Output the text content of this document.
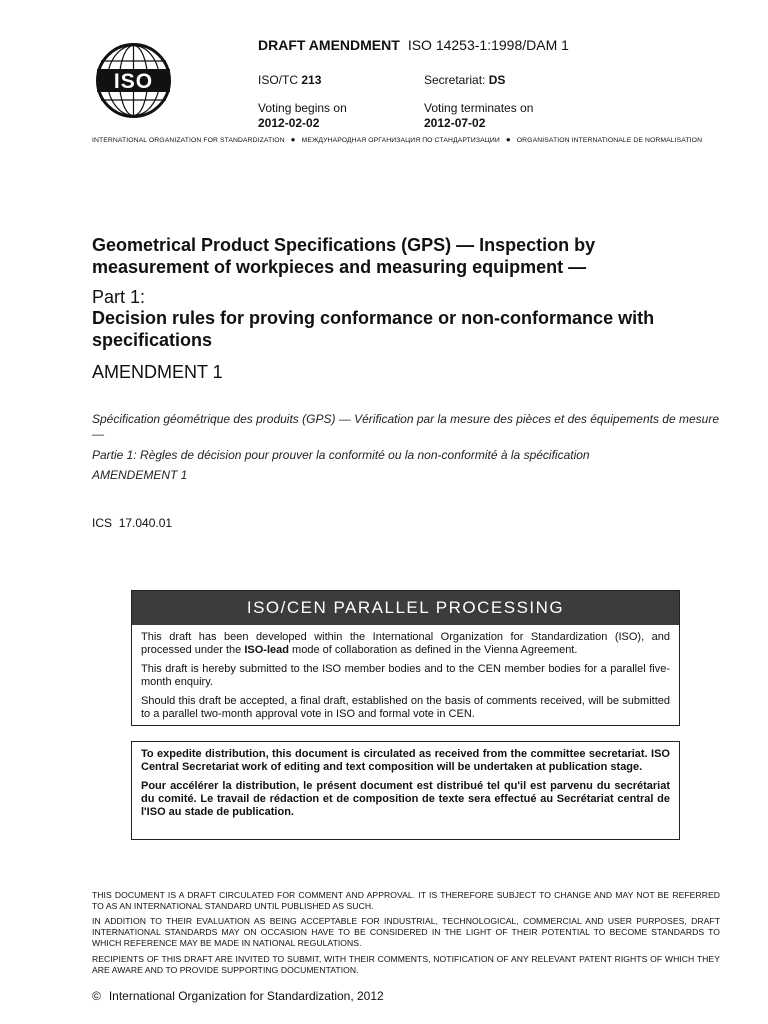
ISO
DRAFT AMENDMENT ISO 14253-1:1998/DAM 1
ISO/TC 213	Secretariat: DS
Voting begins on
2012-02-02
Voting terminates on
2012-07-02
INTERNATIONAL ORGANIZATION FOR STANDARDIZATION ● МЕЖДУНАРОДНАЯ ОРГАНИЗАЦИЯ ПО СТАНДАРТИЗАЦИИ ● ORGANISATION INTERNATIONALE DE NORMALISATION
Geometrical Product Specifications (GPS) — Inspection by measurement of workpieces and measuring equipment —
Part 1:
Decision rules for proving conformance or non-conformance with specifications
AMENDMENT 1
Spécification géométrique des produits (GPS) — Vérification par la mesure des pièces et des équipements de mesure —
Partie 1: Règles de décision pour prouver la conformité ou la non-conformité à la spécification
AMENDEMENT 1
ICS 17.040.01
ISO/CEN PARALLEL PROCESSING

This draft has been developed within the International Organization for Standardization (ISO), and processed under the ISO-lead mode of collaboration as defined in the Vienna Agreement.

This draft is hereby submitted to the ISO member bodies and to the CEN member bodies for a parallel five-month enquiry.

Should this draft be accepted, a final draft, established on the basis of comments received, will be submitted to a parallel two-month approval vote in ISO and formal vote in CEN.

To expedite distribution, this document is circulated as received from the committee secretariat. ISO Central Secretariat work of editing and text composition will be undertaken at publication stage.

Pour accélérer la distribution, le présent document est distribué tel qu'il est parvenu du secrétariat du comité. Le travail de rédaction et de composition de texte sera effectué au Secrétariat central de l'ISO au stade de publication.

THIS DOCUMENT IS A DRAFT CIRCULATED FOR COMMENT AND APPROVAL. IT IS THEREFORE SUBJECT TO CHANGE AND MAY NOT BE REFERRED TO AS AN INTERNATIONAL STANDARD UNTIL PUBLISHED AS SUCH.
IN ADDITION TO THEIR EVALUATION AS BEING ACCEPTABLE FOR INDUSTRIAL, TECHNOLOGICAL, COMMERCIAL AND USER PURPOSES, DRAFT INTERNATIONAL STANDARDS MAY ON OCCASION HAVE TO BE CONSIDERED IN THE LIGHT OF THEIR POTENTIAL TO BECOME STANDARDS TO WHICH REFERENCE MAY BE MADE IN NATIONAL REGULATIONS.
RECIPIENTS OF THIS DRAFT ARE INVITED TO SUBMIT, WITH THEIR COMMENTS, NOTIFICATION OF ANY RELEVANT PATENT RIGHTS OF WHICH THEY ARE AWARE AND TO PROVIDE SUPPORTING DOCUMENTATION.
© International Organization for Standardization, 2012
